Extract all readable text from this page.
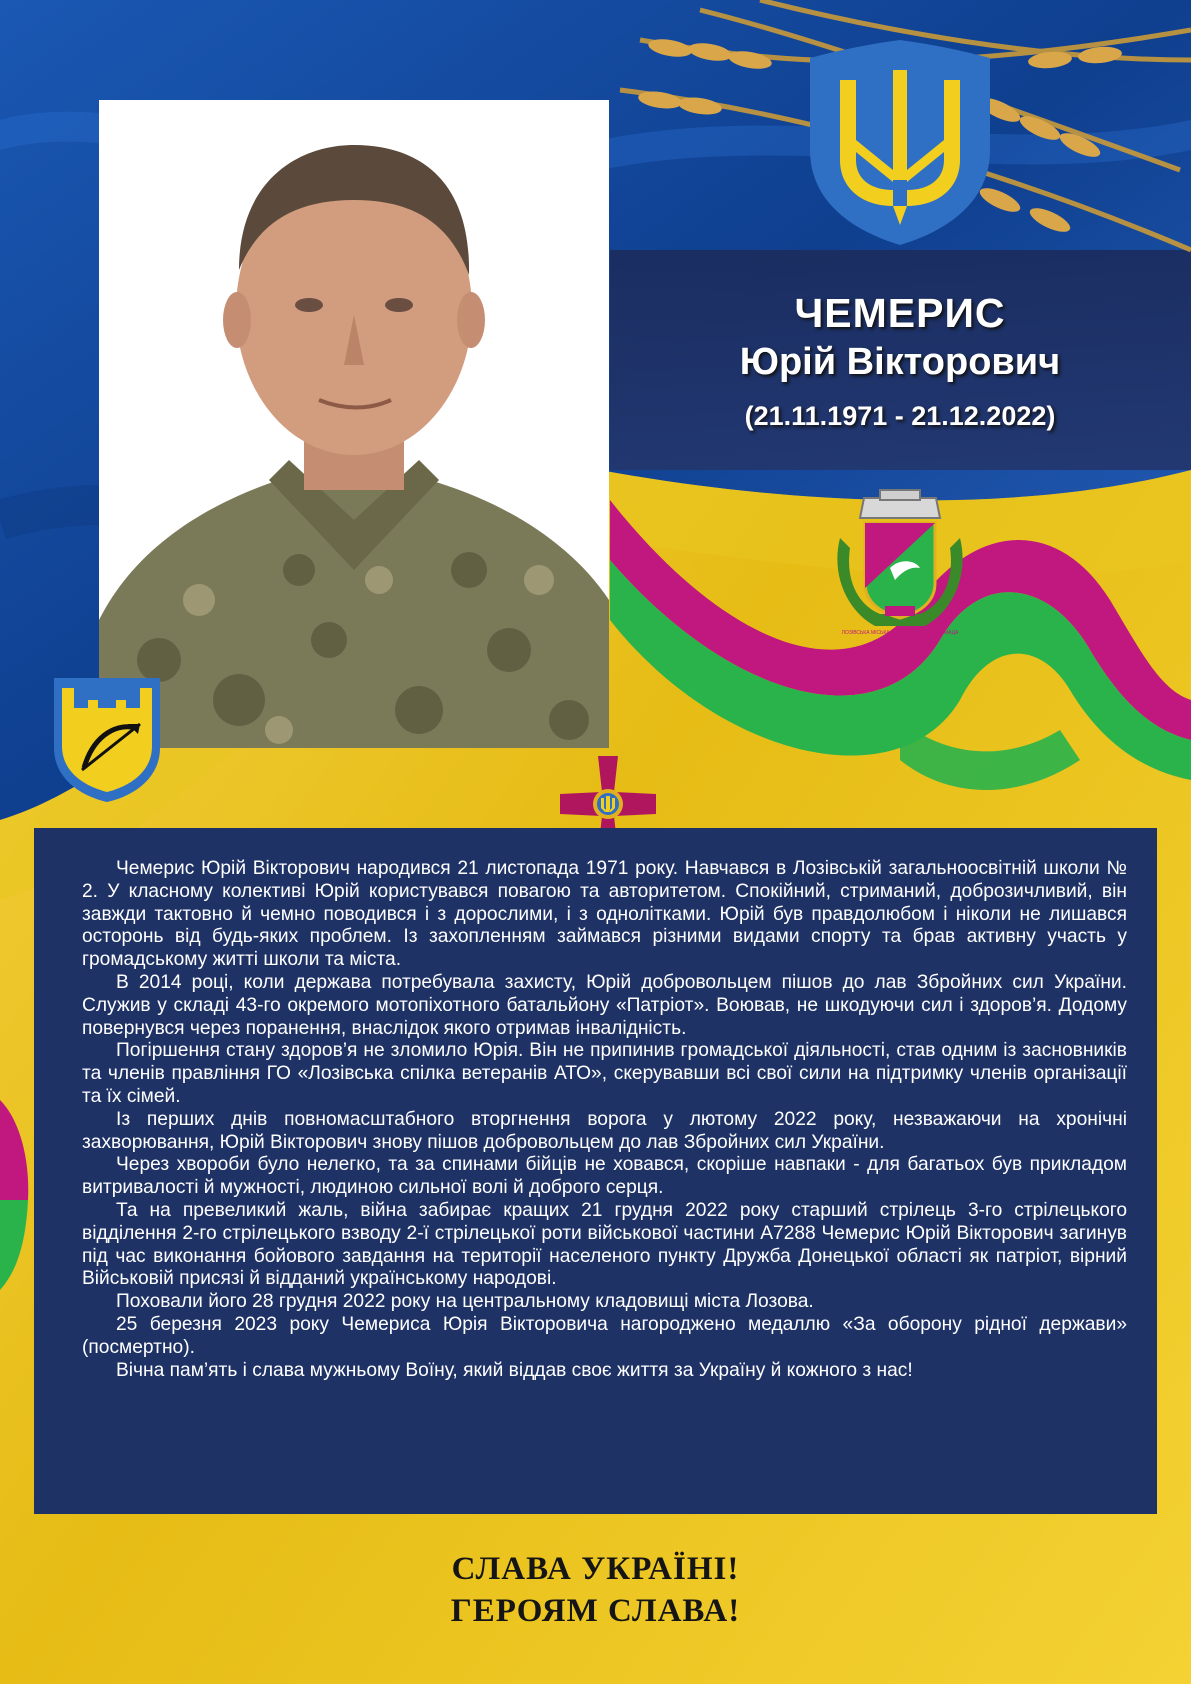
ЧЕМЕРИС
Юрій Вікторович
(21.11.1971 - 21.12.2022)
ЛОЗІВСЬКА МІСЬКА ТЕРИТОРІАЛЬНА ГРОМАДА

Чемерис Юрій Вікторович народився 21 листопада 1971 року. Навчався в Лозівській загальноосвітній школи № 2. У класному колективі Юрій користувався повагою та авторитетом. Спокійний, стриманий, доброзичливий, він завжди тактовно й чемно поводився і з дорослими, і з однолітками. Юрій був правдолюбом і ніколи не лишався осторонь від будь-яких проблем. Із захопленням займався різними видами спорту та брав активну участь у громадському житті школи та міста.

В 2014 році, коли держава потребувала захисту, Юрій добровольцем пішов до лав Збройних сил України. Служив у складі 43-го окремого мотопіхотного батальйону «Патріот». Воював, не шкодуючи сил і здоров’я. Додому повернувся через поранення, внаслідок якого отримав інвалідність.

Погіршення стану здоров’я не зломило Юрія. Він не припинив громадської діяльності, став одним із засновників та членів правління ГО «Лозівська спілка ветеранів АТО», скерувавши всі свої сили на підтримку членів організації та їх сімей.

Із перших днів повномасштабного вторгнення ворога у лютому 2022 року, незважаючи на хронічні захворювання, Юрій Вікторович знову пішов добровольцем до лав Збройних сил України.

Через хвороби було нелегко, та за спинами бійців не ховався, скоріше навпаки - для багатьох був прикладом витривалості й мужності, людиною сильної волі й доброго серця.

Та на превеликий жаль, війна забирає кращих 21 грудня 2022 року старший стрілець 3-го стрілецького відділення 2-го стрілецького взводу 2-ї стрілецької роти військової частини А7288 Чемерис Юрій Вікторович загинув під час виконання бойового завдання на території населеного пункту Дружба Донецької області як патріот, вірний Військовій присязі й відданий українському народові.

Поховали його 28 грудня 2022 року на центральному кладовищі міста Лозова.

25 березня 2023 року Чемериса Юрія Вікторовича нагороджено медаллю «За оборону рідної держави» (посмертно).

Вічна пам’ять і слава мужньому Воїну, який віддав своє життя за Україну й кожного з нас!

СЛАВА УКРАЇНІ!
ГЕРОЯМ СЛАВА!
